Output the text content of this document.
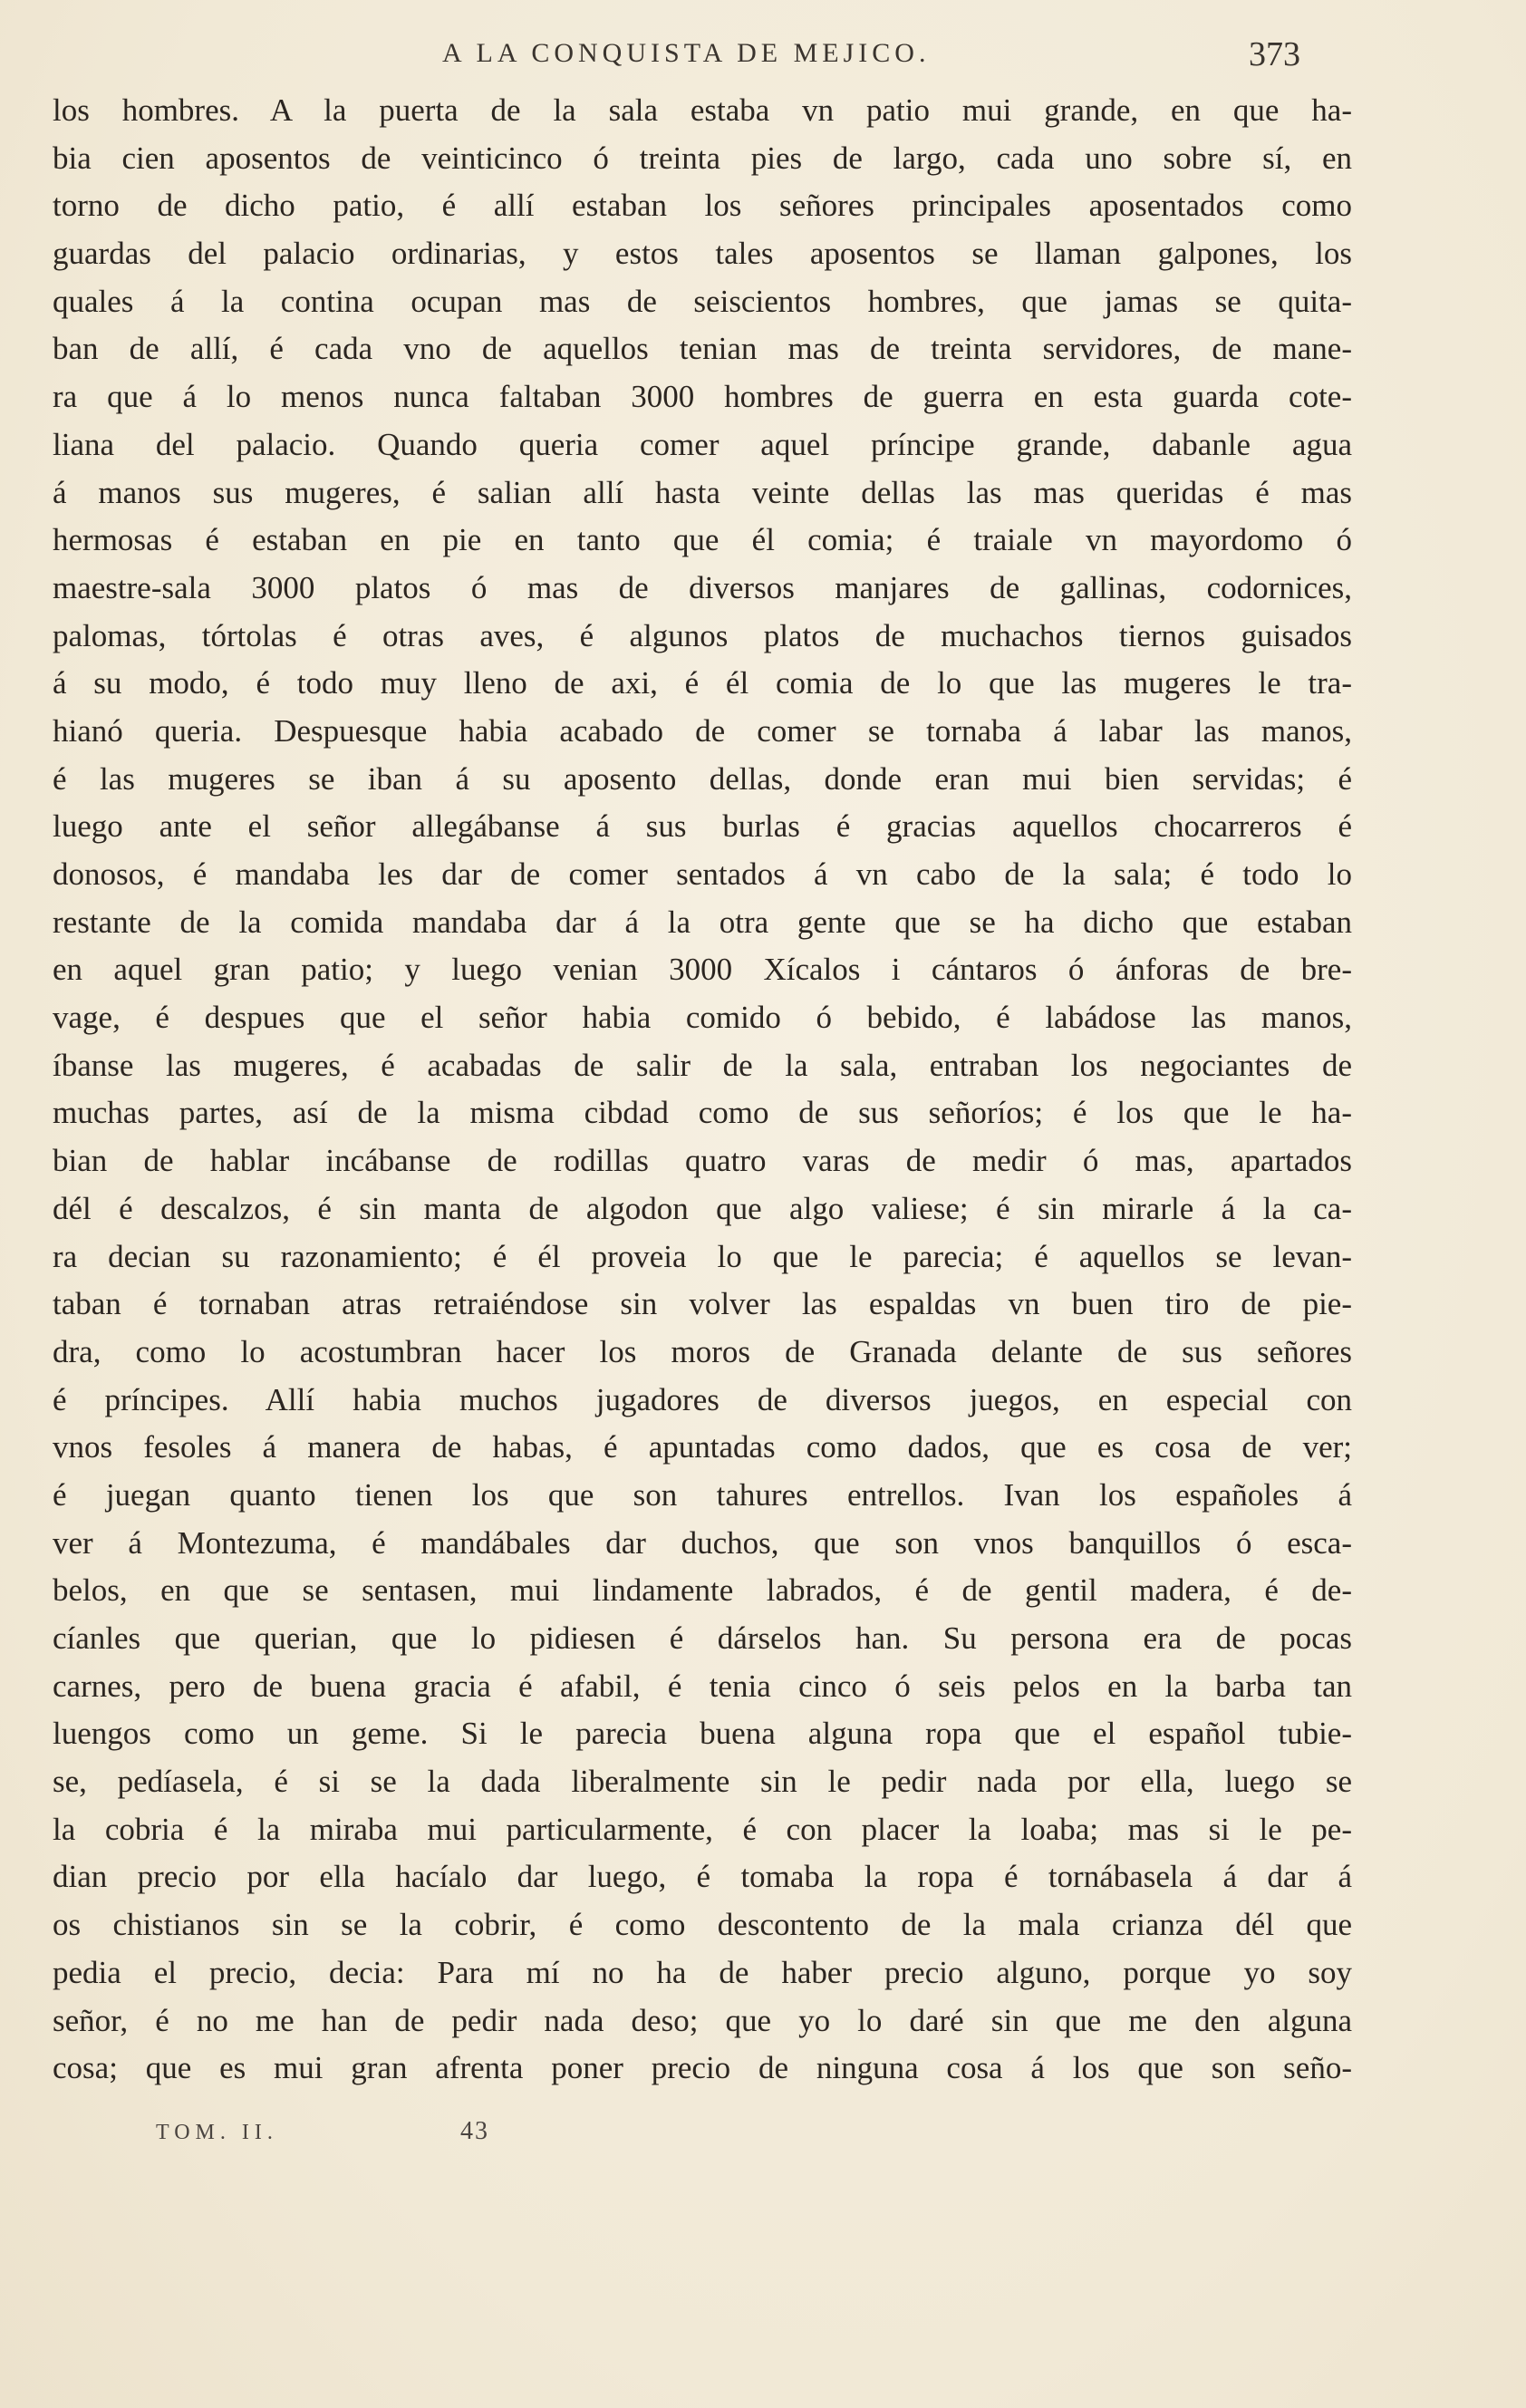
A LA CONQUISTA DE MEJICO.	373
los hombres. A la puerta de la sala estaba vn patio mui grande, en que ha-
bia cien aposentos de veinticinco ó treinta pies de largo, cada uno sobre sí, en
torno de dicho patio, é allí estaban los señores principales aposentados como
guardas del palacio ordinarias, y estos tales aposentos se llaman galpones, los
quales á la contina ocupan mas de seiscientos hombres, que jamas se quita-
ban de allí, é cada vno de aquellos tenian mas de treinta servidores, de mane-
ra que á lo menos nunca faltaban 3000 hombres de guerra en esta guarda cote-
liana del palacio. Quando queria comer aquel príncipe grande, dabanle agua
á manos sus mugeres, é salian allí hasta veinte dellas las mas queridas é mas
hermosas é estaban en pie en tanto que él comia; é traiale vn mayordomo ó
maestre-sala 3000 platos ó mas de diversos manjares de gallinas, codornices,
palomas, tórtolas é otras aves, é algunos platos de muchachos tiernos guisados
á su modo, é todo muy lleno de axi, é él comia de lo que las mugeres le tra-
hianó queria. Despuesque habia acabado de comer se tornaba á labar las manos,
é las mugeres se iban á su aposento dellas, donde eran mui bien servidas; é
luego ante el señor allegábanse á sus burlas é gracias aquellos chocarreros é
donosos, é mandaba les dar de comer sentados á vn cabo de la sala; é todo lo
restante de la comida mandaba dar á la otra gente que se ha dicho que estaban
en aquel gran patio; y luego venian 3000 Xícalos i cántaros ó ánforas de bre-
vage, é despues que el señor habia comido ó bebido, é labádose las manos,
íbanse las mugeres, é acabadas de salir de la sala, entraban los negociantes de
muchas partes, así de la misma cibdad como de sus señoríos; é los que le ha-
bian de hablar incábanse de rodillas quatro varas de medir ó mas, apartados
dél é descalzos, é sin manta de algodon que algo valiese; é sin mirarle á la ca-
ra decian su razonamiento; é él proveia lo que le parecia; é aquellos se levan-
taban é tornaban atras retraiéndose sin volver las espaldas vn buen tiro de pie-
dra, como lo acostumbran hacer los moros de Granada delante de sus señores
é príncipes. Allí habia muchos jugadores de diversos juegos, en especial con
vnos fesoles á manera de habas, é apuntadas como dados, que es cosa de ver;
é juegan quanto tienen los que son tahures entrellos. Ivan los españoles á
ver á Montezuma, é mandábales dar duchos, que son vnos banquillos ó esca-
belos, en que se sentasen, mui lindamente labrados, é de gentil madera, é de-
cíanles que querian, que lo pidiesen é dárselos han. Su persona era de pocas
carnes, pero de buena gracia é afabil, é tenia cinco ó seis pelos en la barba tan
luengos como un geme. Si le parecia buena alguna ropa que el español tubie-
se, pedíasela, é si se la dada liberalmente sin le pedir nada por ella, luego se
la cobria é la miraba mui particularmente, é con placer la loaba; mas si le pe-
dian precio por ella hacíalo dar luego, é tomaba la ropa é tornábasela á dar á
os chistianos sin se la cobrir, é como descontento de la mala crianza dél que
pedia el precio, decia: Para mí no ha de haber precio alguno, porque yo soy
señor, é no me han de pedir nada deso; que yo lo daré sin que me den alguna
cosa; que es mui gran afrenta poner precio de ninguna cosa á los que son seño-
TOM. II.	43
